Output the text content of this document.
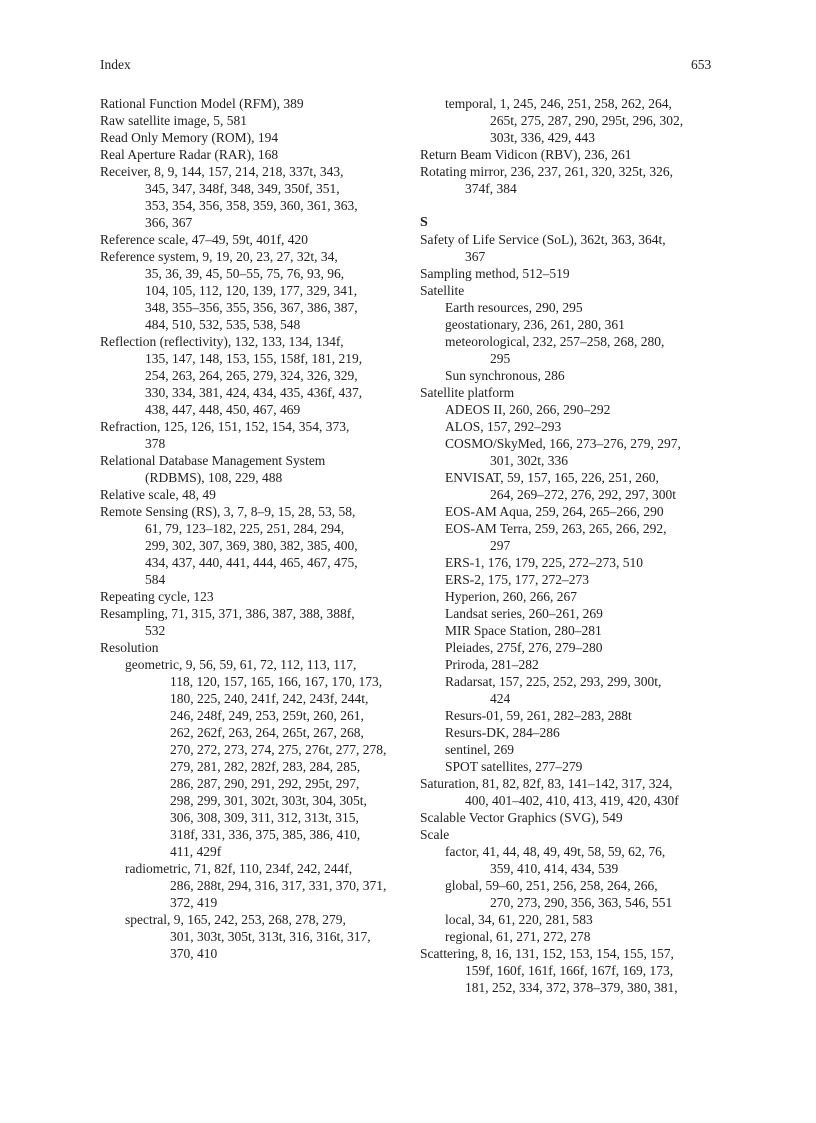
Index	653
Rational Function Model (RFM), 389
Raw satellite image, 5, 581
Read Only Memory (ROM), 194
Real Aperture Radar (RAR), 168
Receiver, 8, 9, 144, 157, 214, 218, 337t, 343,
345, 347, 348f, 348, 349, 350f, 351,
353, 354, 356, 358, 359, 360, 361, 363,
366, 367
Reference scale, 47–49, 59t, 401f, 420
Reference system, 9, 19, 20, 23, 27, 32t, 34,
35, 36, 39, 45, 50–55, 75, 76, 93, 96,
104, 105, 112, 120, 139, 177, 329, 341,
348, 355–356, 355, 356, 367, 386, 387,
484, 510, 532, 535, 538, 548
Reflection (reflectivity), 132, 133, 134, 134f,
135, 147, 148, 153, 155, 158f, 181, 219,
254, 263, 264, 265, 279, 324, 326, 329,
330, 334, 381, 424, 434, 435, 436f, 437,
438, 447, 448, 450, 467, 469
Refraction, 125, 126, 151, 152, 154, 354, 373,
378
Relational Database Management System
(RDBMS), 108, 229, 488
Relative scale, 48, 49
Remote Sensing (RS), 3, 7, 8–9, 15, 28, 53, 58,
61, 79, 123–182, 225, 251, 284, 294,
299, 302, 307, 369, 380, 382, 385, 400,
434, 437, 440, 441, 444, 465, 467, 475,
584
Repeating cycle, 123
Resampling, 71, 315, 371, 386, 387, 388, 388f,
532
Resolution
geometric, 9, 56, 59, 61, 72, 112, 113, 117,
118, 120, 157, 165, 166, 167, 170, 173,
180, 225, 240, 241f, 242, 243f, 244t,
246, 248f, 249, 253, 259t, 260, 261,
262, 262f, 263, 264, 265t, 267, 268,
270, 272, 273, 274, 275, 276t, 277, 278,
279, 281, 282, 282f, 283, 284, 285,
286, 287, 290, 291, 292, 295t, 297,
298, 299, 301, 302t, 303t, 304, 305t,
306, 308, 309, 311, 312, 313t, 315,
318f, 331, 336, 375, 385, 386, 410,
411, 429f
radiometric, 71, 82f, 110, 234f, 242, 244f,
286, 288t, 294, 316, 317, 331, 370, 371,
372, 419
spectral, 9, 165, 242, 253, 268, 278, 279,
301, 303t, 305t, 313t, 316, 316t, 317,
370, 410
temporal, 1, 245, 246, 251, 258, 262, 264,
265t, 275, 287, 290, 295t, 296, 302,
303t, 336, 429, 443
Return Beam Vidicon (RBV), 236, 261
Rotating mirror, 236, 237, 261, 320, 325t, 326,
374f, 384
S
Safety of Life Service (SoL), 362t, 363, 364t,
367
Sampling method, 512–519
Satellite
Earth resources, 290, 295
geostationary, 236, 261, 280, 361
meteorological, 232, 257–258, 268, 280,
295
Sun synchronous, 286
Satellite platform
ADEOS II, 260, 266, 290–292
ALOS, 157, 292–293
COSMO/SkyMed, 166, 273–276, 279, 297,
301, 302t, 336
ENVISAT, 59, 157, 165, 226, 251, 260,
264, 269–272, 276, 292, 297, 300t
EOS-AM Aqua, 259, 264, 265–266, 290
EOS-AM Terra, 259, 263, 265, 266, 292,
297
ERS-1, 176, 179, 225, 272–273, 510
ERS-2, 175, 177, 272–273
Hyperion, 260, 266, 267
Landsat series, 260–261, 269
MIR Space Station, 280–281
Pleiades, 275f, 276, 279–280
Priroda, 281–282
Radarsat, 157, 225, 252, 293, 299, 300t,
424
Resurs-01, 59, 261, 282–283, 288t
Resurs-DK, 284–286
sentinel, 269
SPOT satellites, 277–279
Saturation, 81, 82, 82f, 83, 141–142, 317, 324,
400, 401–402, 410, 413, 419, 420, 430f
Scalable Vector Graphics (SVG), 549
Scale
factor, 41, 44, 48, 49, 49t, 58, 59, 62, 76,
359, 410, 414, 434, 539
global, 59–60, 251, 256, 258, 264, 266,
270, 273, 290, 356, 363, 546, 551
local, 34, 61, 220, 281, 583
regional, 61, 271, 272, 278
Scattering, 8, 16, 131, 152, 153, 154, 155, 157,
159f, 160f, 161f, 166f, 167f, 169, 173,
181, 252, 334, 372, 378–379, 380, 381,
